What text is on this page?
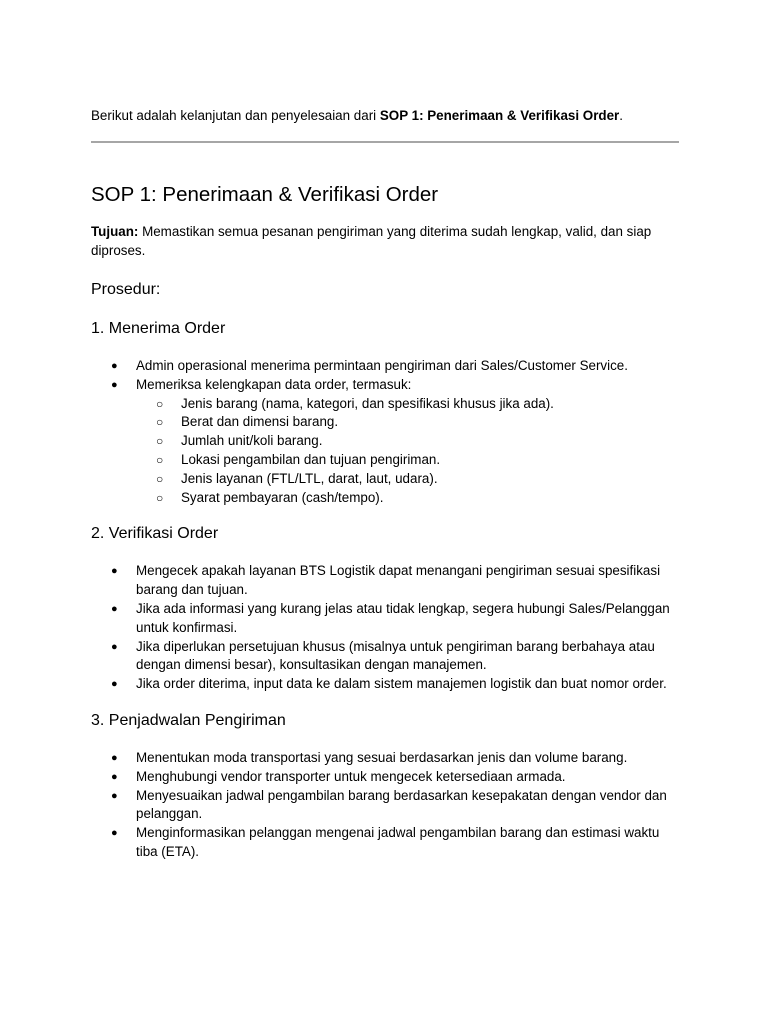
Berikut adalah kelanjutan dan penyelesaian dari SOP 1: Penerimaan & Verifikasi Order.

SOP 1: Penerimaan & Verifikasi Order

Tujuan: Memastikan semua pesanan pengiriman yang diterima sudah lengkap, valid, dan siap diproses.

Prosedur:
1. Menerima Order
● Admin operasional menerima permintaan pengiriman dari Sales/Customer Service.
● Memeriksa kelengkapan data order, termasuk:
○ Jenis barang (nama, kategori, dan spesifikasi khusus jika ada).
○ Berat dan dimensi barang.
○ Jumlah unit/koli barang.
○ Lokasi pengambilan dan tujuan pengiriman.
○ Jenis layanan (FTL/LTL, darat, laut, udara).
○ Syarat pembayaran (cash/tempo).
2. Verifikasi Order
● Mengecek apakah layanan BTS Logistik dapat menangani pengiriman sesuai spesifikasi barang dan tujuan.
● Jika ada informasi yang kurang jelas atau tidak lengkap, segera hubungi Sales/Pelanggan untuk konfirmasi.
● Jika diperlukan persetujuan khusus (misalnya untuk pengiriman barang berbahaya atau dengan dimensi besar), konsultasikan dengan manajemen.
● Jika order diterima, input data ke dalam sistem manajemen logistik dan buat nomor order.
3. Penjadwalan Pengiriman
● Menentukan moda transportasi yang sesuai berdasarkan jenis dan volume barang.
● Menghubungi vendor transporter untuk mengecek ketersediaan armada.
● Menyesuaikan jadwal pengambilan barang berdasarkan kesepakatan dengan vendor dan pelanggan.
● Menginformasikan pelanggan mengenai jadwal pengambilan barang dan estimasi waktu tiba (ETA).
